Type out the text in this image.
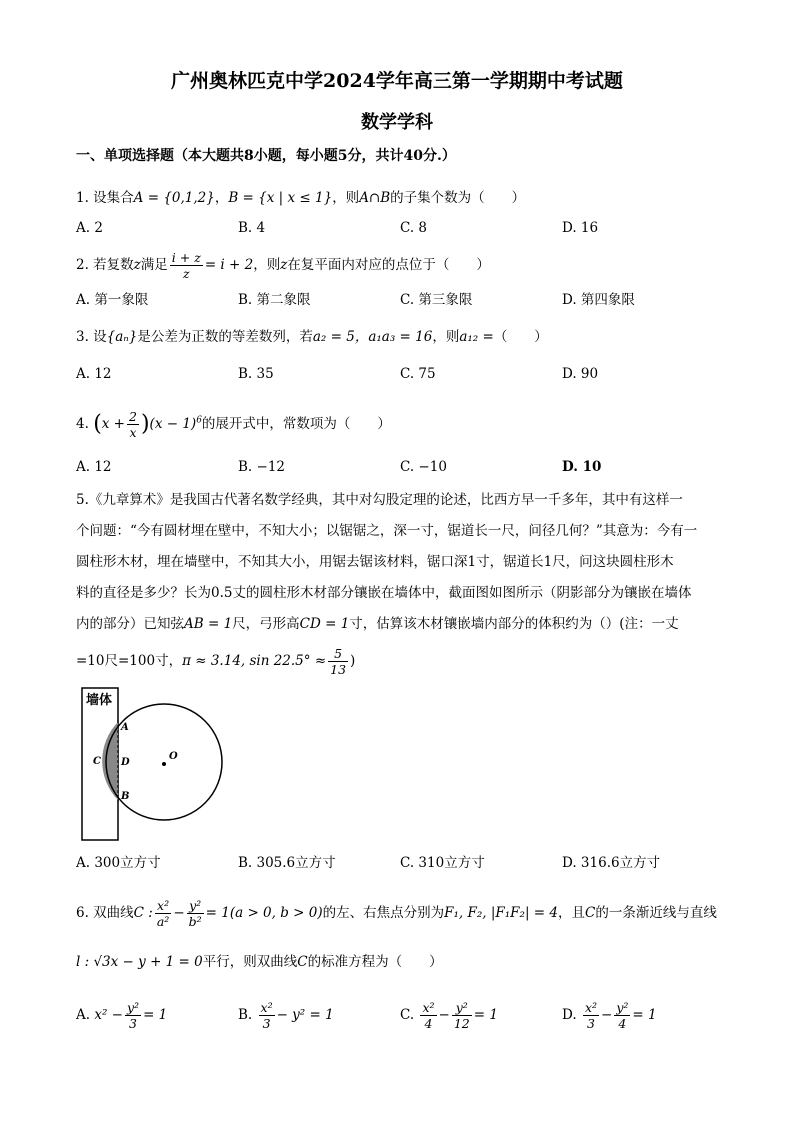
广州奥林匹克中学2024学年高三第一学期期中考试题
数学学科
一、单项选择题（本大题共8小题，每小题5分，共计40分.）
1. 设集合A = {0,1,2}，B = {x | x ≤ 1}，则A∩B的子集个数为（　　）
A. 2	B. 4	C. 8	D. 16
2. 若复数z满足 $\frac{i + z}{z} = i + 2$，则z在复平面内对应的点位于（　　）
A. 第一象限	B. 第二象限	C. 第三象限	D. 第四象限
3. 设{aₙ}是公差为正数的等差数列，若a₂ = 5，a₁a₃ = 16，则a₁₂ =（　　）
A. 12	B. 35	C. 75	D. 90
4. $(x + \frac{2}{x} )(x - 1)^6$的展开式中，常数项为（　　）
A. 12	B. −12	C. −10	D. 10
5.《九章算术》是我国古代著名数学经典，其中对勾股定理的论述，比西方早一千多年，其中有这样一
个问题：“今有圆材埋在壁中，不知大小；以锯锯之，深一寸，锯道长一尺，问径几何？”其意为：今有一
圆柱形木材，埋在墙壁中，不知其大小，用锯去锯该材料，锯口深1寸，锯道长1尺，问这块圆柱形木
料的直径是多少？长为0.5丈的圆柱形木材部分镶嵌在墙体中，截面图如图所示（阴影部分为镶嵌在墙体
内的部分）已知弦AB = 1尺，弓形高CD = 1寸，估算该木材镶嵌墙内部分的体积约为（）(注：一丈
=10尺=100寸，π ≈ 3.14, $\sin 22.5^\circ \approx \frac{5}{13}$ )
墙体
A
C D
O
B
A. 300立方寸	B. 305.6立方寸	C. 310立方寸	D. 316.6立方寸
6. 双曲线C : $\frac{\text{x²}}{\text{a²}} - \frac{\text{y²}}{\text{b²}} = 1(a > 0$, b > 0)的左、右焦点分别为F₁, F₂, |F₁F₂| = 4，且C的一条渐近线与直线
l : √3x − y + 1 = 0平行，则双曲线C的标准方程为（　　）
A. $x^2 - \frac{\text{y²}}{3} = 1$	B. $\frac{\text{x²}}{3} - y^2 = 1$	C. $\frac{\text{x²}}{4} - \frac{\text{y²}}{12} = 1$	D. $\frac{\text{x²}}{3} - \frac{\text{y²}}{4} = 1$
